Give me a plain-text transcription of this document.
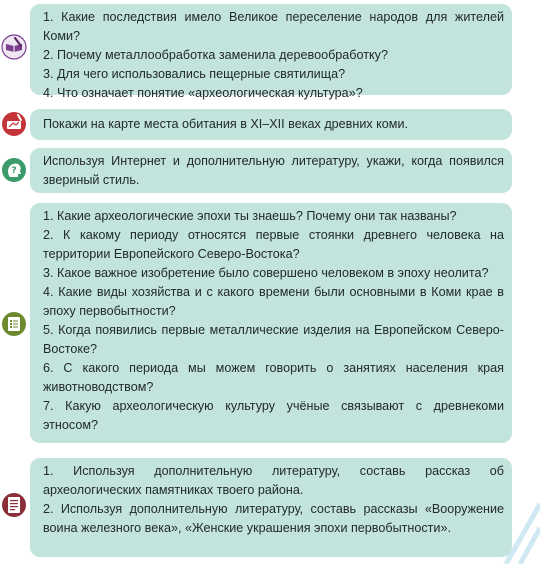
1. Какие последствия имело Великое переселение народов для жителей Коми?

2. Почему металлообработка заменила деревообработку?

3. Для чего использовались пещерные святилища?

4. Что означает понятие «археологическая культура»?

Покажи на карте места обитания в XI–XII веках древних коми.

Используя Интернет и дополнительную литературу, укажи, когда появился звериный стиль.

?

1. Какие археологические эпохи ты знаешь? Почему они так названы?

2. К какому периоду относятся первые стоянки древнего человека на территории Европейского Северо-Востока?

3. Какое важное изобретение было совершено человеком в эпоху неолита?

4. Какие виды хозяйства и с какого времени были основными в Коми крае в эпоху первобытности?

5. Когда появились первые металлические изделия на Европейском Северо-Востоке?

6. С какого периода мы можем говорить о занятиях населения края животноводством?

7. Какую археологическую культуру учёные связывают с древнекоми этносом?

1. Используя дополнительную литературу, составь рассказ об археологических памятниках твоего района.

2. Используя дополнительную литературу, составь рассказы «Вооружение воина железного века», «Женские украшения эпохи первобытности».
